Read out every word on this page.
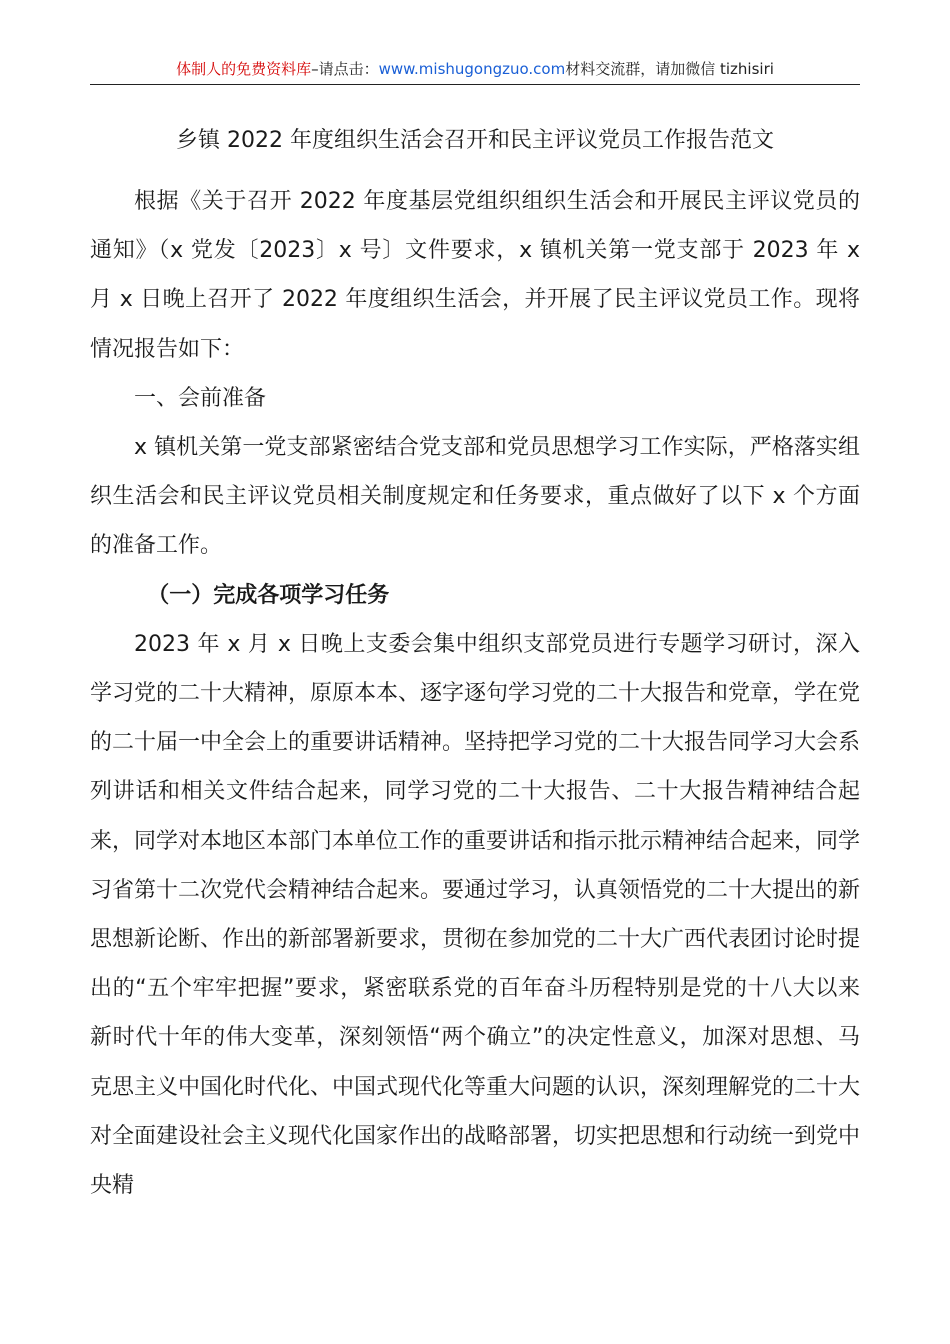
体制人的免费资料库–请点击：www.mishugongzuo.com材料交流群，请加微信 tizhisiri
乡镇 2022 年度组织生活会召开和民主评议党员工作报告范文

根据《关于召开 2022 年度基层党组织组织生活会和开展民主评议党员的通知》（x 党发〔2023〕x 号〕文件要求，x 镇机关第一党支部于 2023 年 x 月 x 日晚上召开了 2022 年度组织生活会，并开展了民主评议党员工作。现将情况报告如下：

一、会前准备

x 镇机关第一党支部紧密结合党支部和党员思想学习工作实际，严格落实组织生活会和民主评议党员相关制度规定和任务要求，重点做好了以下 x 个方面的准备工作。

（一）完成各项学习任务

2023 年 x 月 x 日晚上支委会集中组织支部党员进行专题学习研讨，深入学习党的二十大精神，原原本本、逐字逐句学习党的二十大报告和党章，学在党的二十届一中全会上的重要讲话精神。坚持把学习党的二十大报告同学习大会系列讲话和相关文件结合起来，同学习党的二十大报告、二十大报告精神结合起来，同学对本地区本部门本单位工作的重要讲话和指示批示精神结合起来，同学习省第十二次党代会精神结合起来。要通过学习，认真领悟党的二十大提出的新思想新论断、作出的新部署新要求，贯彻在参加党的二十大广西代表团讨论时提出的“五个牢牢把握”要求，紧密联系党的百年奋斗历程特别是党的十八大以来新时代十年的伟大变革，深刻领悟“两个确立”的决定性意义，加深对思想、马克思主义中国化时代化、中国式现代化等重大问题的认识，深刻理解党的二十大对全面建设社会主义现代化国家作出的战略部署，切实把思想和行动统一到党中央精
